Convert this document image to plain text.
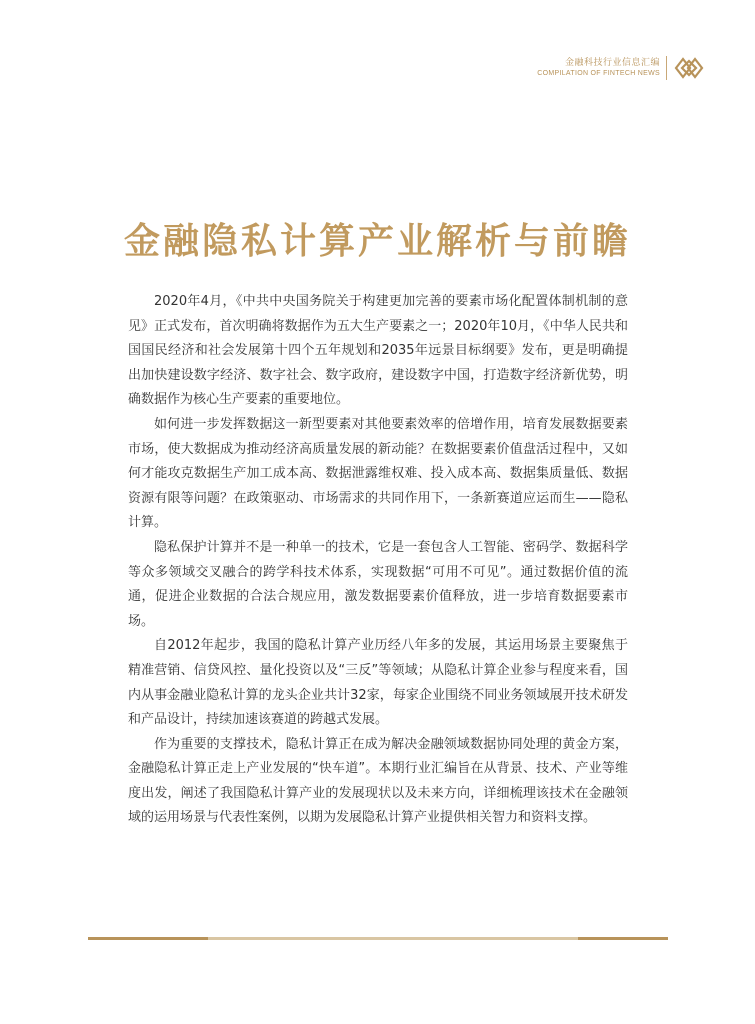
金融科技行业信息汇编
COMPILATION OF FINTECH NEWS
金融隐私计算产业解析与前瞻

2020年4月，《中共中央国务院关于构建更加完善的要素市场化配置体制机制的意见》正式发布，首次明确将数据作为五大生产要素之一；2020年10月，《中华人民共和国国民经济和社会发展第十四个五年规划和2035年远景目标纲要》发布，更是明确提出加快建设数字经济、数字社会、数字政府，建设数字中国，打造数字经济新优势，明确数据作为核心生产要素的重要地位。

如何进一步发挥数据这一新型要素对其他要素效率的倍增作用，培育发展数据要素市场，使大数据成为推动经济高质量发展的新动能？在数据要素价值盘活过程中，又如何才能攻克数据生产加工成本高、数据泄露维权难、投入成本高、数据集质量低、数据资源有限等问题？在政策驱动、市场需求的共同作用下，一条新赛道应运而生——隐私计算。

隐私保护计算并不是一种单一的技术，它是一套包含人工智能、密码学、数据科学等众多领域交叉融合的跨学科技术体系，实现数据“可用不可见”。通过数据价值的流通，促进企业数据的合法合规应用，激发数据要素价值释放，进一步培育数据要素市场。

自2012年起步，我国的隐私计算产业历经八年多的发展，其运用场景主要聚焦于精准营销、信贷风控、量化投资以及“三反”等领域；从隐私计算企业参与程度来看，国内从事金融业隐私计算的龙头企业共计32家，每家企业围绕不同业务领域展开技术研发和产品设计，持续加速该赛道的跨越式发展。

作为重要的支撑技术，隐私计算正在成为解决金融领域数据协同处理的黄金方案，金融隐私计算正走上产业发展的“快车道”。本期行业汇编旨在从背景、技术、产业等维度出发，阐述了我国隐私计算产业的发展现状以及未来方向，详细梳理该技术在金融领域的运用场景与代表性案例，以期为发展隐私计算产业提供相关智力和资料支撑。
